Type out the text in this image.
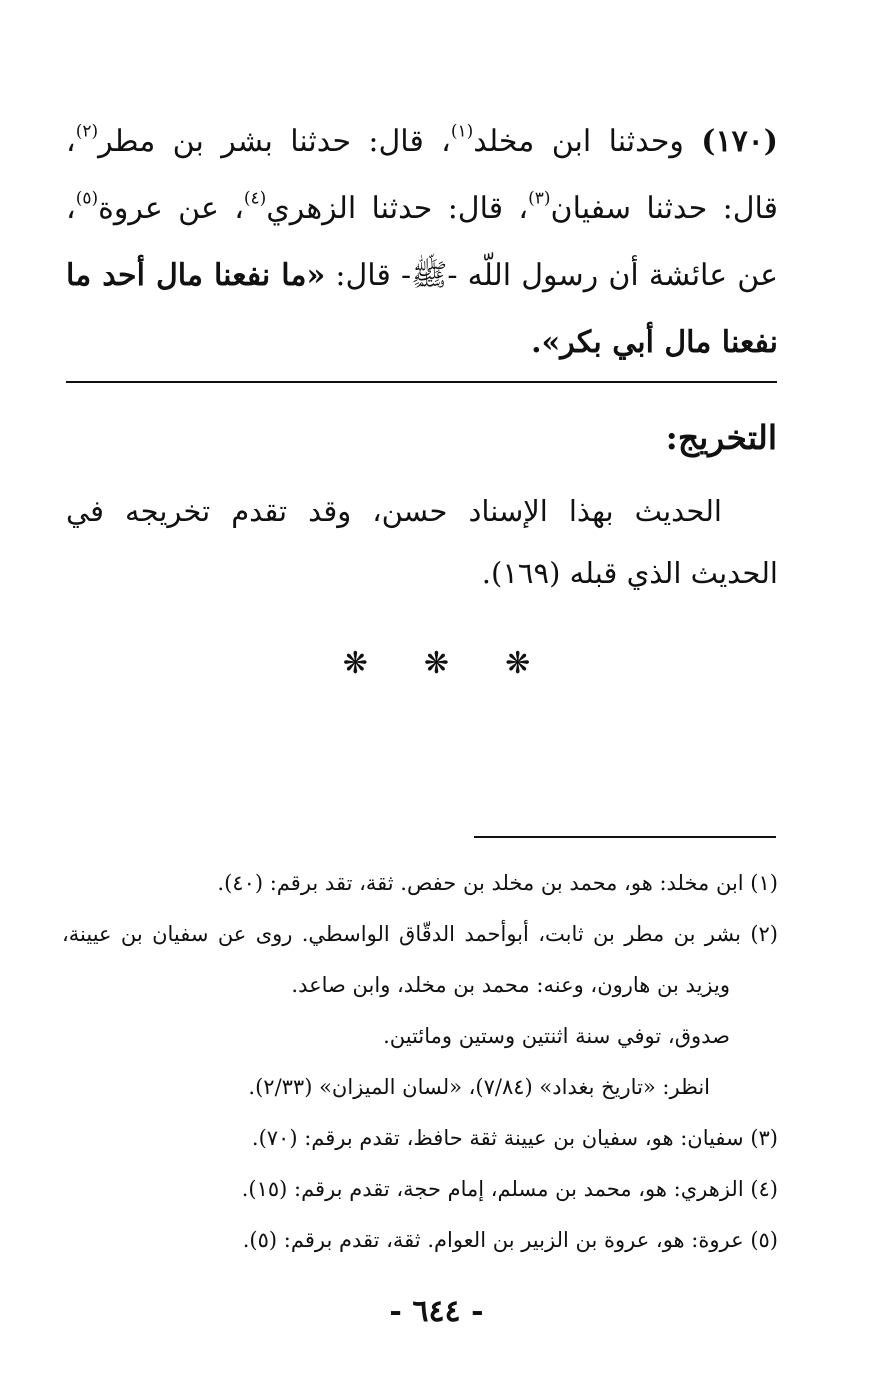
(١٧٠) وحدثنا ابن مخلد$^{(١)}$، قال: حدثنا بشر بن مطر$^{(٢)}$، قال: حدثنا سفيان$^{(٣)}$، قال: حدثنا الزهري$^{(٤)}$، عن عروة$^{(٥)}$، عن عائشة أن رسول اللّه -ﷺ- قال: «ما نفعنا مال أحد ما نفعنا مال أبي بكر».

التخريج:

الحديث بهذا الإسناد حسن، وقد تقدم تخريجه في الحديث الذي قبله (١٦٩).

❋ ❋ ❋

(١) ابن مخلد: هو، محمد بن مخلد بن حفص. ثقة، تقد برقم: (٤٠).

(٢) بشر بن مطر بن ثابت، أبوأحمد الدقّاق الواسطي. روى عن سفيان بن عيينة، ويزيد بن هارون، وعنه: محمد بن مخلد، وابن صاعد.

صدوق، توفي سنة اثنتين وستين ومائتين.

انظر: «تاريخ بغداد» (٧/٨٤)، «لسان الميزان» (٢/٣٣).

(٣) سفيان: هو، سفيان بن عيينة ثقة حافظ، تقدم برقم: (٧٠).

(٤) الزهري: هو، محمد بن مسلم، إمام حجة، تقدم برقم: (١٥).

(٥) عروة: هو، عروة بن الزبير بن العوام. ثقة، تقدم برقم: (٥).

- ٦٤٤ -
